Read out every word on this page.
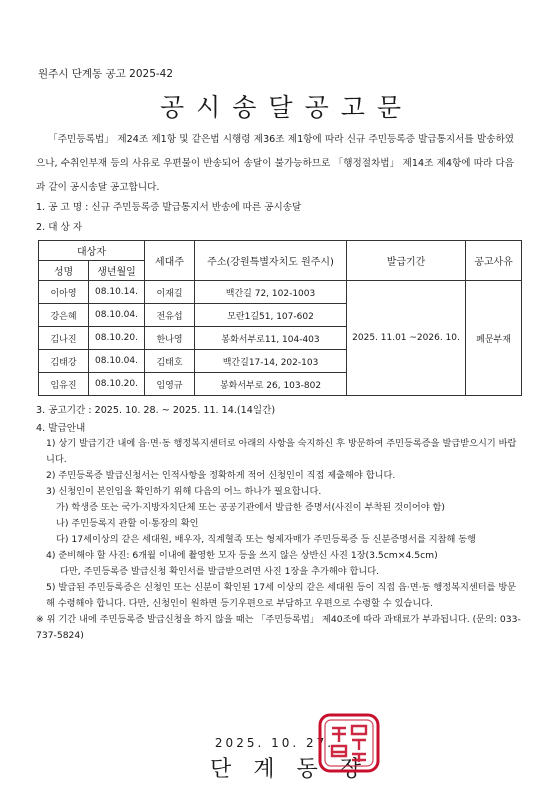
원주시 단계동 공고 2025-42
공시송달공고문
「주민등록법」 제24조 제1항 및 같은법 시행령 제36조 제1항에 따라 신규 주민등록증 발급통지서를 발송하였으나, 수취인부재 등의 사유로 우편물이 반송되어 송달이 불가능하므로 「행정절차법」 제14조 제4항에 따라 다음과 같이 공시송달 공고합니다.
1. 공 고 명 : 신규 주민등록증 발급통지서 반송에 따른 공시송달
2. 대 상 자
대상자		세대주	주소(강원특별자치도 원주시)	발급기간	공고사유
성명	생년월일				
이아영	08.10.14.	이재길	백간길 72, 102-1003	2025. 11.01 ~2026. 10.	폐문부재
강은혜	08.10.04.	전유섭	모란1길51, 107-602		
김나진	08.10.20.	한나영	봉화서부로11, 104-403		
김태강	08.10.04.	김태호	백간길17-14, 202-103		
임유진	08.10.20.	임영규	봉화서부로 26, 103-802		
3. 공고기간 : 2025. 10. 28. ~ 2025. 11. 14.(14일간)
4. 발급안내

1) 상기 발급기간 내에 읍·면·동 행정복지센터로 아래의 사항을 숙지하신 후 방문하여 주민등록증을 발급받으시기 바랍니다.

2) 주민등록증 발급신청서는 인적사항을 정확하게 적어 신청인이 직접 제출해야 합니다.

3) 신청인이 본인임을 확인하기 위해 다음의 어느 하나가 필요합니다.

가) 학생증 또는 국가·지방자치단체 또는 공공기관에서 발급한 증명서(사진이 부착된 것이어야 함)

나) 주민등록지 관할 이·통장의 확인

다) 17세이상의 같은 세대원, 배우자, 직계혈족 또는 형제자매가 주민등록증 등 신분증명서를 지참해 동행

4) 준비해야 할 사진: 6개월 이내에 촬영한 모자 등을 쓰지 않은 상반신 사진 1장(3.5cm×4.5cm)

다만, 주민등록증 발급신청 확인서를 발급받으려면 사진 1장을 추가해야 합니다.

5) 발급된 주민등록증은 신청인 또는 신분이 확인된 17세 이상의 같은 세대원 등이 직접 읍·면·동 행정복지센터를 방문해 수령해야 합니다. 다만, 신청인이 원하면 등기우편으로 부담하고 우편으로 수령할 수 있습니다.

※ 위 기간 내에 주민등록증 발급신청을 하지 않을 때는 「주민등록법」 제40조에 따라 과태료가 부과됩니다. (문의: 033-737-5824)

2025. 10. 27.
단계동장
